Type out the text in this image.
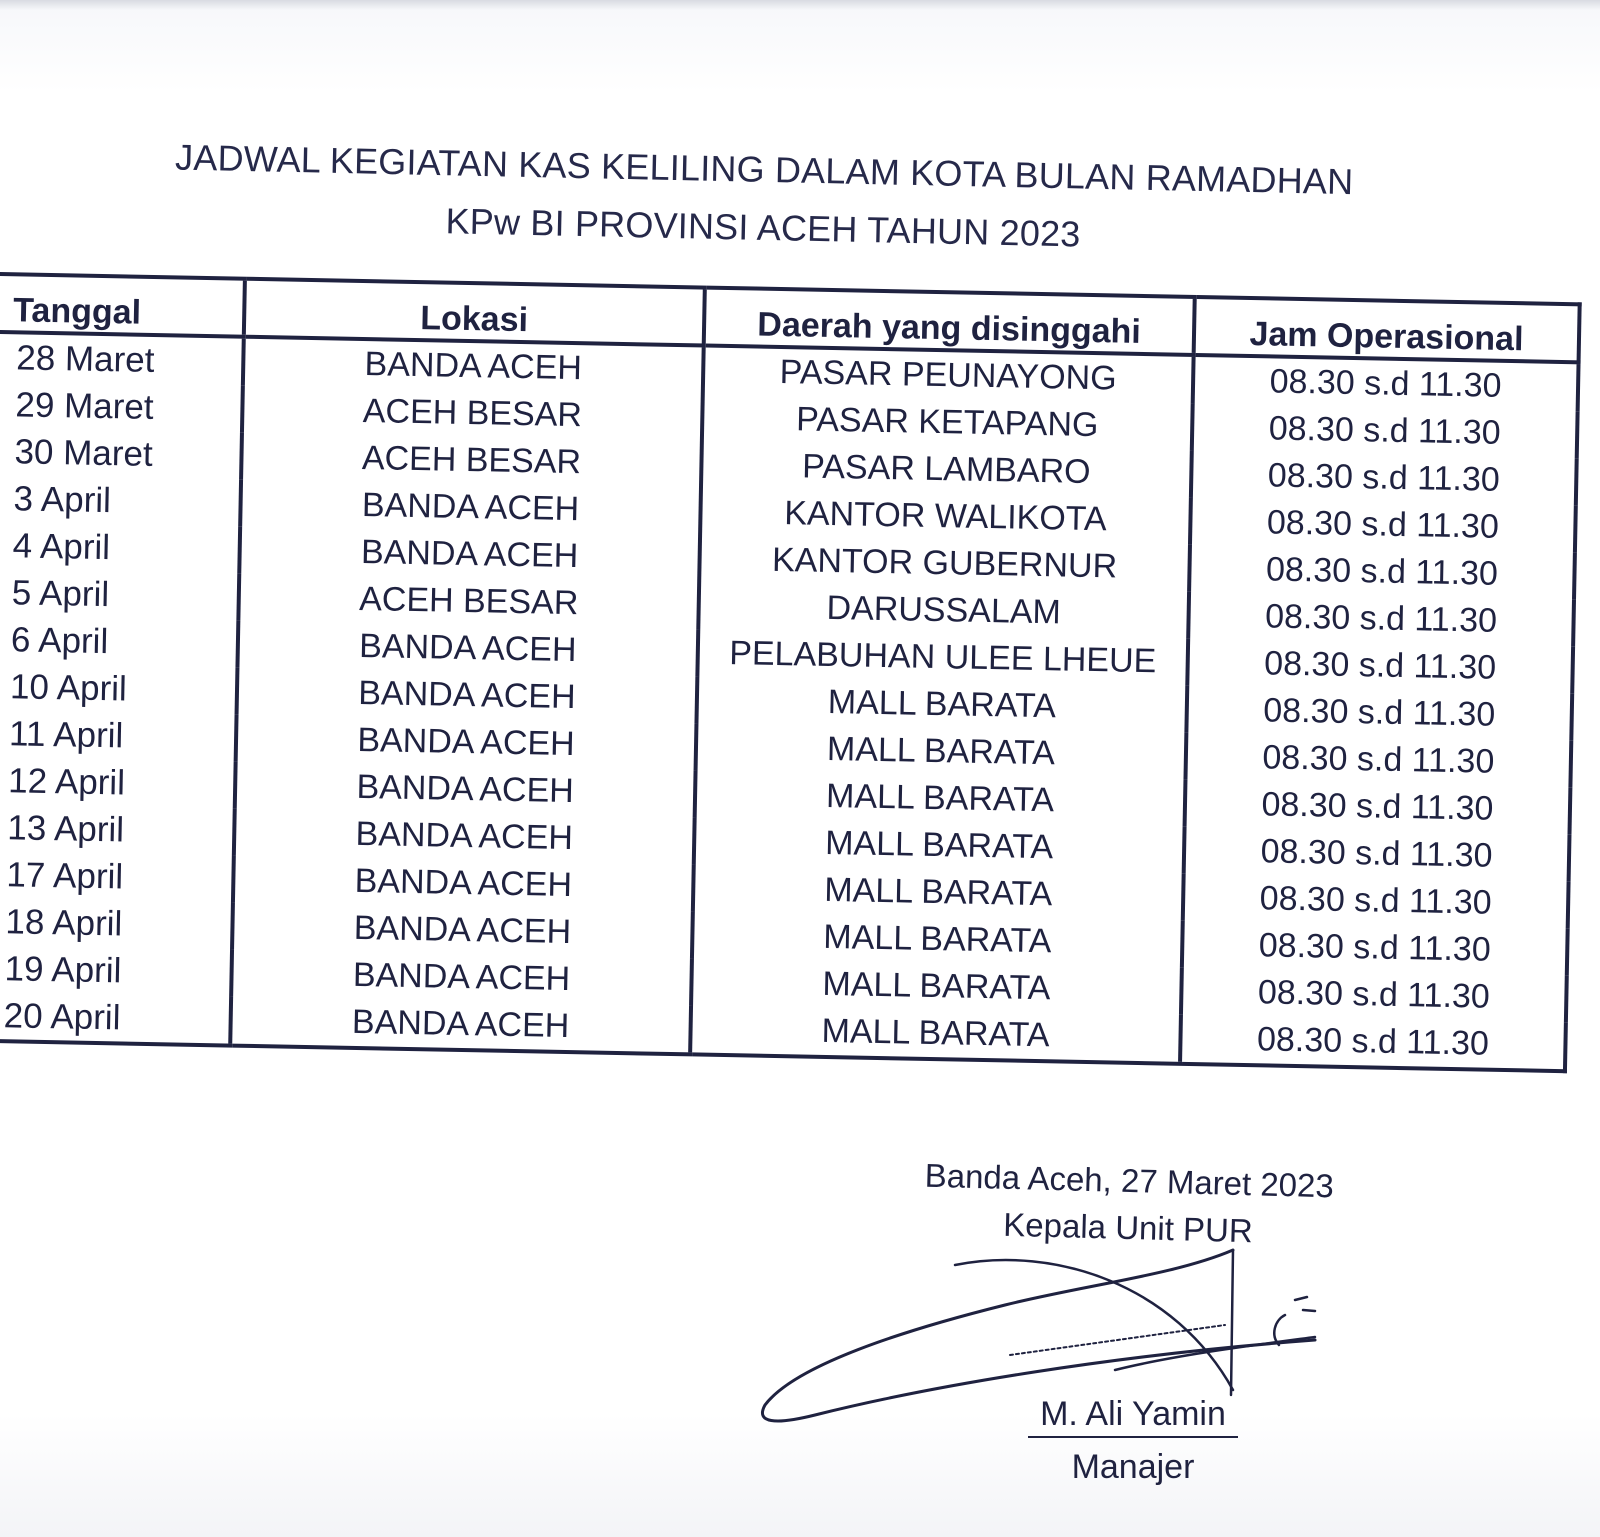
JADWAL KEGIATAN KAS KELILING DALAM KOTA BULAN RAMADHAN
KPw BI PROVINSI ACEH TAHUN 2023
Tanggal	Lokasi	Daerah yang disinggahi	Jam Operasional
28 Maret	BANDA ACEH	PASAR PEUNAYONG	08.30 s.d 11.30
29 Maret	ACEH BESAR	PASAR KETAPANG	08.30 s.d 11.30
30 Maret	ACEH BESAR	PASAR LAMBARO	08.30 s.d 11.30
3 April	BANDA ACEH	KANTOR WALIKOTA	08.30 s.d 11.30
4 April	BANDA ACEH	KANTOR GUBERNUR	08.30 s.d 11.30
5 April	ACEH BESAR	DARUSSALAM	08.30 s.d 11.30
6 April	BANDA ACEH	PELABUHAN ULEE LHEUE	08.30 s.d 11.30
10 April	BANDA ACEH	MALL BARATA	08.30 s.d 11.30
11 April	BANDA ACEH	MALL BARATA	08.30 s.d 11.30
12 April	BANDA ACEH	MALL BARATA	08.30 s.d 11.30
13 April	BANDA ACEH	MALL BARATA	08.30 s.d 11.30
17 April	BANDA ACEH	MALL BARATA	08.30 s.d 11.30
18 April	BANDA ACEH	MALL BARATA	08.30 s.d 11.30
19 April	BANDA ACEH	MALL BARATA	08.30 s.d 11.30
20 April	BANDA ACEH	MALL BARATA	08.30 s.d 11.30
Banda Aceh, 27 Maret 2023
Kepala Unit PUR
M. Ali Yamin
Manajer
